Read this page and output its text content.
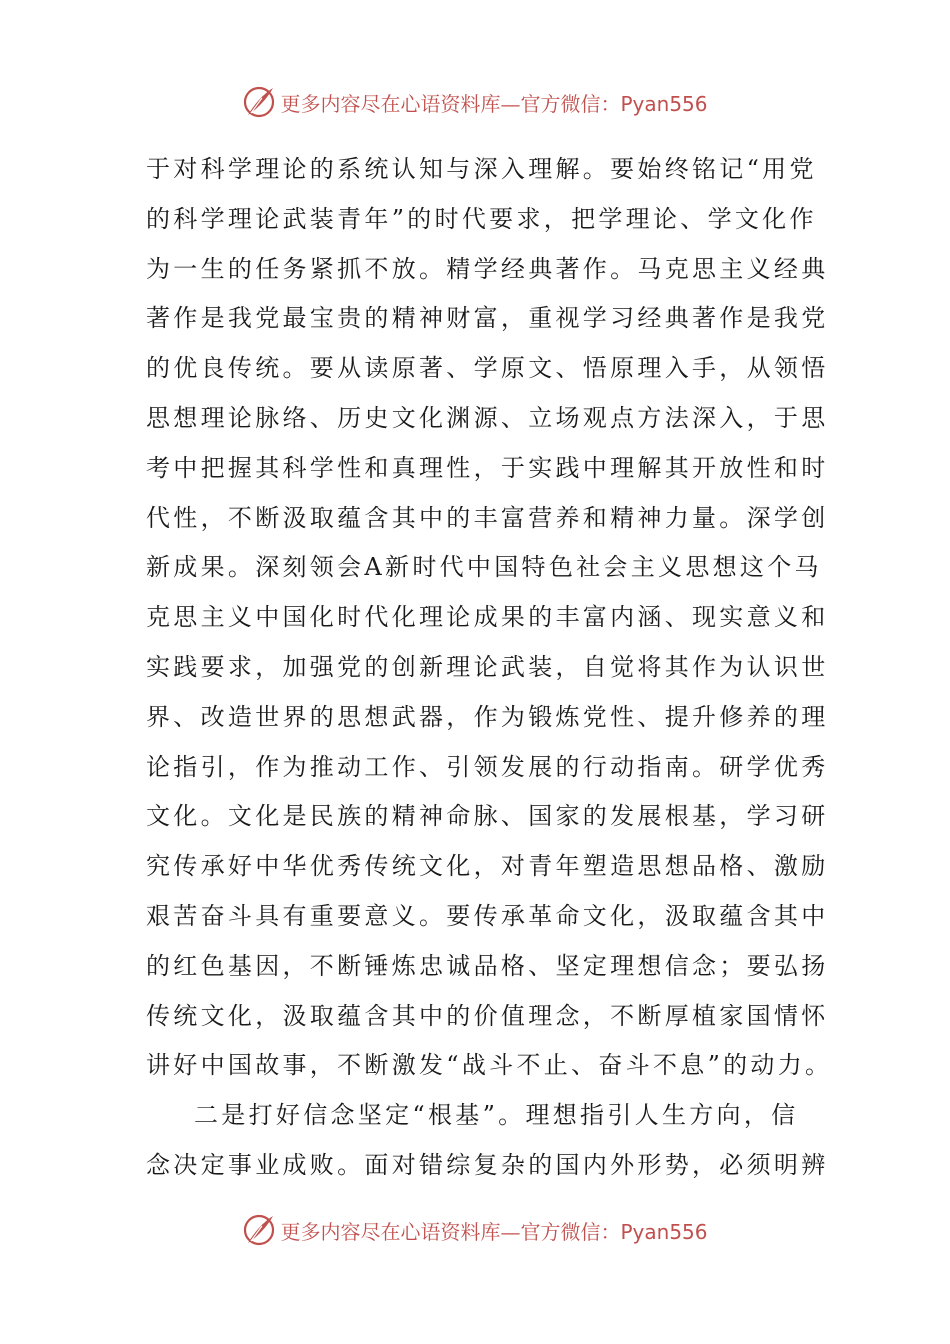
更多内容尽在心语资料库—官方微信：Pyan556
于对科学理论的系统认知与深入理解。要始终铭记“用党
的科学理论武装青年”的时代要求，把学理论、学文化作
为一生的任务紧抓不放。精学经典著作。马克思主义经典
著作是我党最宝贵的精神财富，重视学习经典著作是我党
的优良传统。要从读原著、学原文、悟原理入手，从领悟
思想理论脉络、历史文化渊源、立场观点方法深入，于思
考中把握其科学性和真理性，于实践中理解其开放性和时
代性，不断汲取蕴含其中的丰富营养和精神力量。深学创
新成果。深刻领会A新时代中国特色社会主义思想这个马
克思主义中国化时代化理论成果的丰富内涵、现实意义和
实践要求，加强党的创新理论武装，自觉将其作为认识世
界、改造世界的思想武器，作为锻炼党性、提升修养的理
论指引，作为推动工作、引领发展的行动指南。研学优秀
文化。文化是民族的精神命脉、国家的发展根基，学习研
究传承好中华优秀传统文化，对青年塑造思想品格、激励
艰苦奋斗具有重要意义。要传承革命文化，汲取蕴含其中
的红色基因，不断锤炼忠诚品格、坚定理想信念；要弘扬
传统文化，汲取蕴含其中的价值理念，不断厚植家国情怀
讲好中国故事，不断激发“战斗不止、奋斗不息”的动力。
二是打好信念坚定“根基”。理想指引人生方向，信
念决定事业成败。面对错综复杂的国内外形势，必须明辨
更多内容尽在心语资料库—官方微信：Pyan556
